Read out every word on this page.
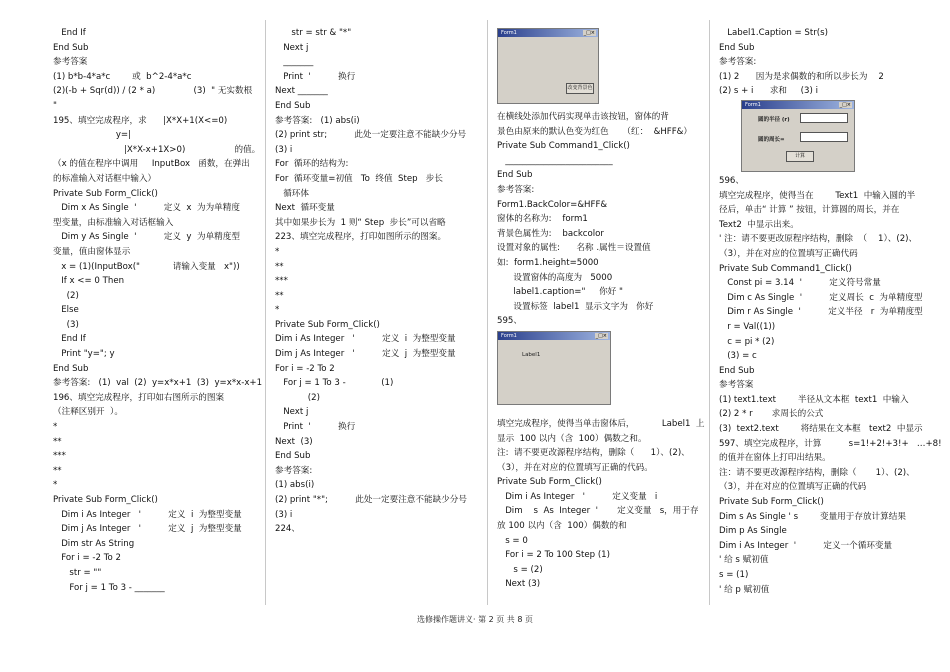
End If
End Sub
参考答案
(1) b*b-4*a*c        或  b^2-4*a*c
(2)(-b + Sqr(d)) / (2 * a)              (3)  " 无实数根
"
195、填空完成程序，求      |X*X+1(X<=0)
y=|
|X*X-x+1X>0)                  的值。
（x 的值在程序中调用     InputBox   函数，在弹出
的标准输入对话框中输入）
Private Sub Form_Click()
Dim x As Single  '          定义  x  为为单精度
型变量，由标准输入对话框输入
Dim y As Single  '          定义  y  为单精度型
变量，值由窗体显示
x = (1)(InputBox("            请输入变量   x"))
If x <= 0 Then
(2)
Else
(3)
End If
Print "y="; y
End Sub
参考答案:   (1)  val  (2)  y=x*x+1  (3)  y=x*x-x+1
196、填空完成程序，打印如右图所示的图案
（注释区别开  ）。
*
**
***
**
*
Private Sub Form_Click()
Dim i As Integer   '          定义  i  为整型变量
Dim j As Integer   '          定义  j  为整型变量
Dim str As String
For i = -2 To 2
str = ""
For j = 1 To 3 - _______
str = str & "*"
Next j
_______
Print  '          换行
Next _______
End Sub
参考答案:   (1) abs(i)
(2) print str;          此处一定要注意不能缺少分号
(3) i
For  循环的结构为:
For  循环变量=初值   To  终值  Step   步长
循环体
Next  循环变量
其中如果步长为  1 则“ Step  步长”可以省略
223、填空完成程序，打印如图所示的图案。
*
**
***
**
*
Private Sub Form_Click()
Dim i As Integer   '          定义  i  为整型变量
Dim j As Integer   '          定义  j  为整型变量
For i = -2 To 2
For j = 1 To 3 -             (1)
(2)
Next j
Print  '          换行
Next  (3)
End Sub
参考答案:
(1) abs(i)
(2) print "*";          此处一定要注意不能缺少分号
(3) i
224、
Form1	_□×
改变背景色
在横线处添加代码实现单击该按钮，窗体的背
景色由原来的默认色变为红色     （红：  &HFF&）
Private Sub Command1_Click()
_________________________
End Sub
参考答案:
Form1.BackColor=&HFF&
窗体的名称为:    form1
背景色属性为:    backcolor
设置对象的属性:      名称 .属性＝设置值
如:  form1.height=5000
设置窗体的高度为   5000
label1.caption="     你好 "
设置标签  label1  显示文字为   你好
595、
Form1	_□×
Label1
填空完成程序，使得当单击窗体后，          Label1  上
显示  100 以内（含  100）偶数之和。
注:  请不要更改源程序结构，删除（      1）、(2)、
（3），并在对应的位置填写正确的代码。
Private Sub Form_Click()
Dim i As Integer   '          定义变量   i
Dim    s  As  Integer  '       定义变量   s，用于存
放 100 以内（含  100）偶数的和
s = 0
For i = 2 To 100 Step (1)
s = (2)
Next (3)
Label1.Caption = Str(s)
End Sub
参考答案:
(1) 2      因为是求偶数的和所以步长为    2
(2) s + i      求和     (3) i
Form1	_□×
圆的半径 (r)
圆的周长=
计算
596、
填空完成程序，使得当在        Text1  中输入圆的半
径后，单击“ 计算 ” 按钮，计算圆的周长，并在
Text2  中显示出来。
' 注：请不要更改原程序结构，删除  （    1）、(2)、
（3），并在对应的位置填写正确代码
Private Sub Command1_Click()
Const pi = 3.14  '          定义符号常量
Dim c As Single  '          定义周长  c  为单精度型
Dim r As Single  '          定义半径   r  为单精度型
r = Val((1))
c = pi * (2)
(3) = c
End Sub
参考答案
(1) text1.text        半径从文本框  text1  中输入
(2) 2 * r       求周长的公式
(3)  text2.text        将结果在文本框   text2  中显示
597、填空完成程序，计算          s=1!+2!+3!+   …+8!
的值并在窗体上打印出结果。
注：请不要更改源程序结构，删除（       1）、(2)、
（3），并在对应的位置填写正确的代码
Private Sub Form_Click()
Dim s As Single ' s        变量用于存放计算结果
Dim p As Single
Dim i As Integer  '          定义一个循环变量
' 给 s 赋初值
s = (1)
' 给 p 赋初值
选修操作题讲义· 第 2 页 共 8 页
